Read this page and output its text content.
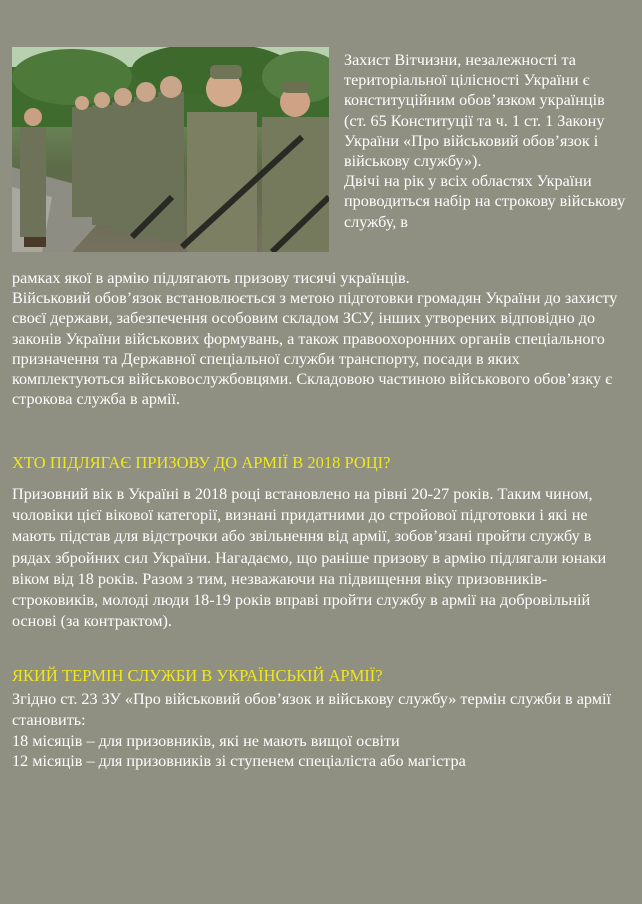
Захист Вітчизни, незалежності та територіальної цілісності України є конституційним обов’язком українців (ст. 65 Конституції та ч. 1 ст. 1 Закону України «Про військовий обов’язок і військову службу»).

Двічі на рік у всіх областях України проводиться набір на строкову військову службу, в

рамках якої в армію підлягають призову тисячі українців.

Військовий обов’язок встановлюється з метою підготовки громадян України до захисту своєї держави, забезпечення особовим складом ЗСУ, інших утворених відповідно до законів України військових формувань, а також правоохоронних органів спеціального призначення та Державної спеціальної служби транспорту, посади в яких комплектуються військовослужбовцями. Складовою частиною військового обов’язку є строкова служба в армії.

ХТО ПІДЛЯГАЄ ПРИЗОВУ ДО АРМІЇ В 2018 РОЦІ?

Призовний вік в Україні в 2018 році встановлено на рівні 20-27 років. Таким чином, чоловіки цієї вікової категорії, визнані придатними до стройової підготовки і які не мають підстав для відстрочки або звільнення від армії, зобов’язані пройти службу в рядах збройних сил України. Нагадаємо, що раніше призову в армію підлягали юнаки віком від 18 років. Разом з тим, незважаючи на підвищення віку призовників-строковиків, молоді люди 18-19 років вправі пройти службу в армії на добровільній основі (за контрактом).

ЯКИЙ ТЕРМІН СЛУЖБИ В УКРАЇНСЬКІЙ АРМІЇ?

Згідно ст. 23 ЗУ «Про військовий обов’язок и військову службу» термін служби в армії становить:

18 місяців – для призовників, які не мають вищої освіти

12 місяців – для призовників зі ступенем спеціаліста або магістра
